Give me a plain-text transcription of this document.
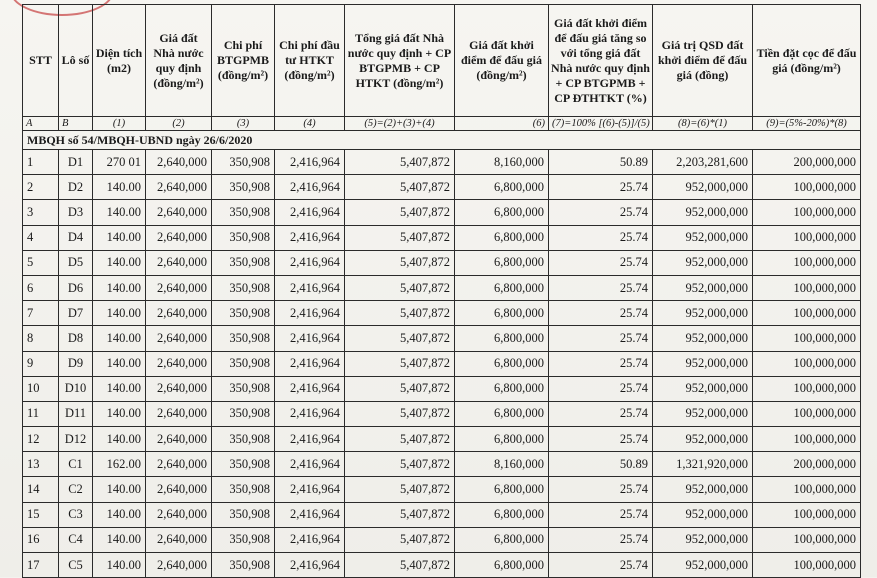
STT	Lô số	Diện tích (m2)	Giá đất Nhà nước quy định (đồng/m²)	Chi phí BTGPMB (đồng/m²)	Chi phí đầu tư HTKT (đồng/m²)	Tổng giá đất Nhà nước quy định + CP BTGPMB + CP HTKT (đồng/m²)	Giá đất khởi điểm để đấu giá (đồng/m²)	Giá đất khởi điểm để đấu giá tăng so với tổng giá đất Nhà nước quy định + CP BTGPMB + CP ĐTHTKT (%)	Giá trị QSD đất khởi điểm để đấu giá (đồng)	Tiền đặt cọc để đấu giá (đồng/m²)
A	B	(1)	(2)	(3)	(4)	(5)=(2)+(3)+(4)	(6)	(7)=100% [(6)-(5)]/(5)	(8)=(6)*(1)	(9)=(5%-20%)*(8)
MBQH số 54/MBQH-UBND ngày 26/6/2020										
1	D1	270 01	2,640,000	350,908	2,416,964	5,407,872	8,160,000	50.89	2,203,281,600	200,000,000
2	D2	140.00	2,640,000	350,908	2,416,964	5,407,872	6,800,000	25.74	952,000,000	100,000,000
3	D3	140.00	2,640,000	350,908	2,416,964	5,407,872	6,800,000	25.74	952,000,000	100,000,000
4	D4	140.00	2,640,000	350,908	2,416,964	5,407,872	6,800,000	25.74	952,000,000	100,000,000
5	D5	140.00	2,640,000	350,908	2,416,964	5,407,872	6,800,000	25.74	952,000,000	100,000,000
6	D6	140.00	2,640,000	350,908	2,416,964	5,407,872	6,800,000	25.74	952,000,000	100,000,000
7	D7	140.00	2,640,000	350,908	2,416,964	5,407,872	6,800,000	25.74	952,000,000	100,000,000
8	D8	140.00	2,640,000	350,908	2,416,964	5,407,872	6,800,000	25.74	952,000,000	100,000,000
9	D9	140.00	2,640,000	350,908	2,416,964	5,407,872	6,800,000	25.74	952,000,000	100,000,000
10	D10	140.00	2,640,000	350,908	2,416,964	5,407,872	6,800,000	25.74	952,000,000	100,000,000
11	D11	140.00	2,640,000	350,908	2,416,964	5,407,872	6,800,000	25.74	952,000,000	100,000,000
12	D12	140.00	2,640,000	350,908	2,416,964	5,407,872	6,800,000	25.74	952,000,000	100,000,000
13	C1	162.00	2,640,000	350,908	2,416,964	5,407,872	8,160,000	50.89	1,321,920,000	200,000,000
14	C2	140.00	2,640,000	350,908	2,416,964	5,407,872	6,800,000	25.74	952,000,000	100,000,000
15	C3	140.00	2,640,000	350,908	2,416,964	5,407,872	6,800,000	25.74	952,000,000	100,000,000
16	C4	140.00	2,640,000	350,908	2,416,964	5,407,872	6,800,000	25.74	952,000,000	100,000,000
17	C5	140.00	2,640,000	350,908	2,416,964	5,407,872	6,800,000	25.74	952,000,000	100,000,000
